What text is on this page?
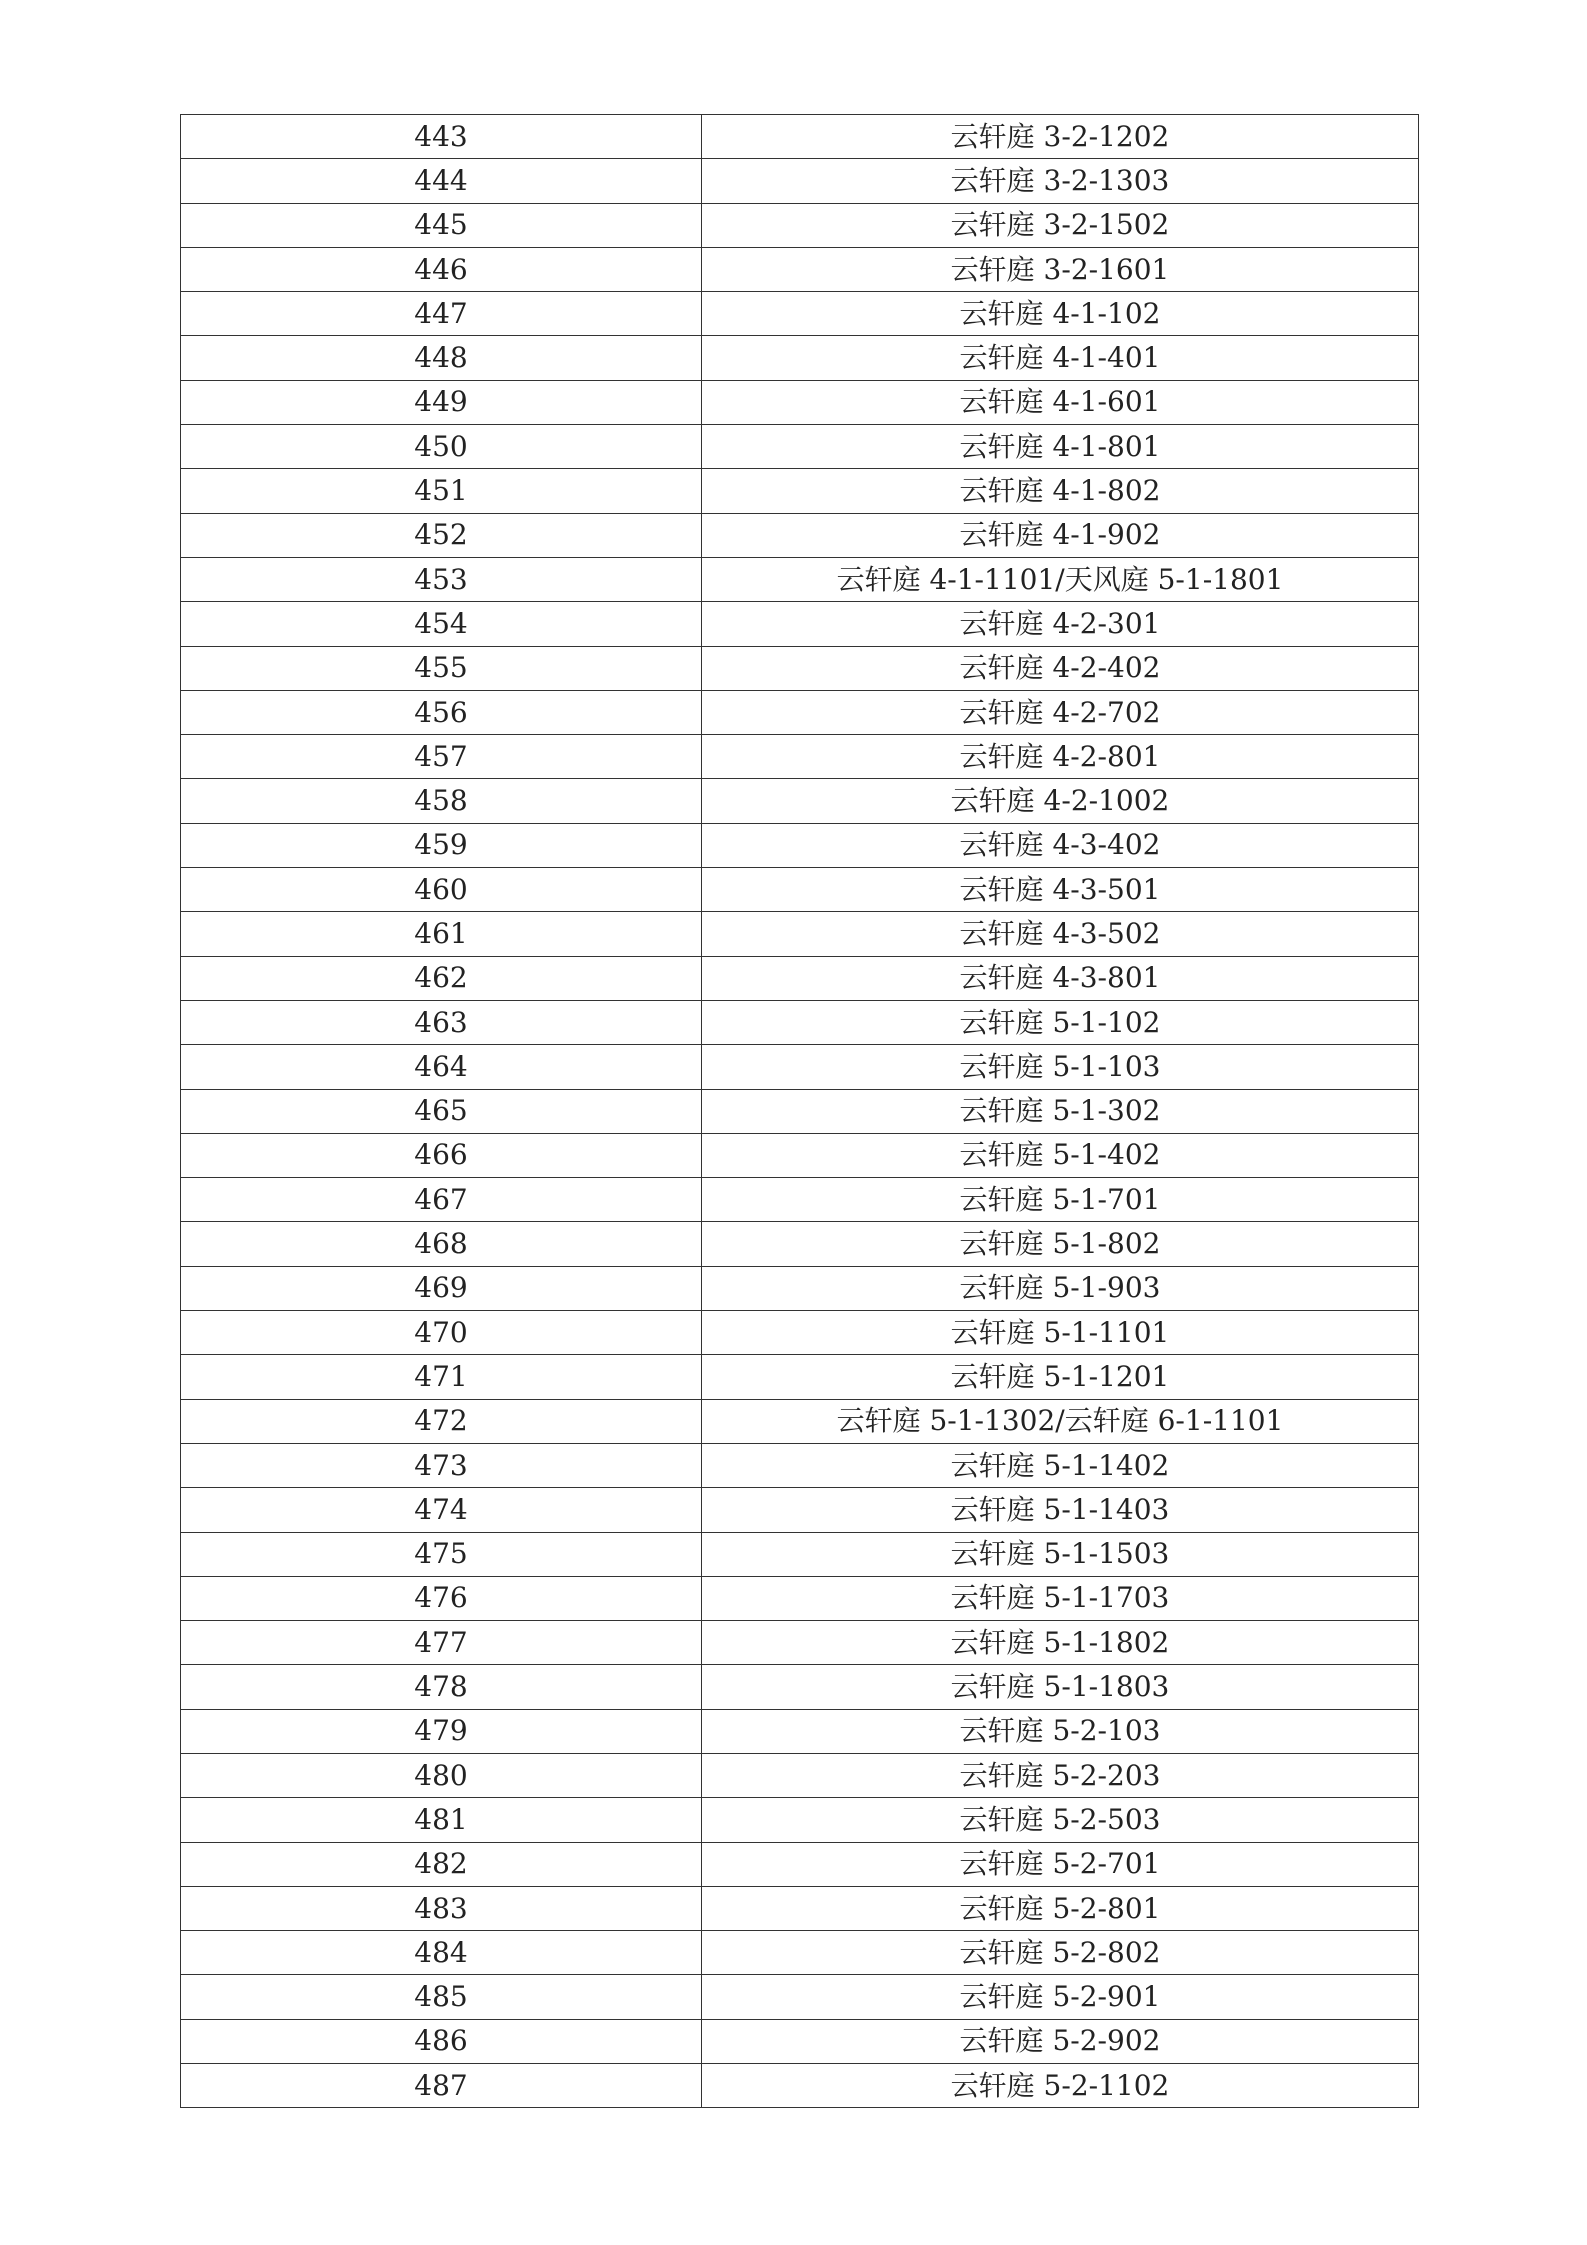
443	云轩庭 3-2-1202
444	云轩庭 3-2-1303
445	云轩庭 3-2-1502
446	云轩庭 3-2-1601
447	云轩庭 4-1-102
448	云轩庭 4-1-401
449	云轩庭 4-1-601
450	云轩庭 4-1-801
451	云轩庭 4-1-802
452	云轩庭 4-1-902
453	云轩庭 4-1-1101/天风庭 5-1-1801
454	云轩庭 4-2-301
455	云轩庭 4-2-402
456	云轩庭 4-2-702
457	云轩庭 4-2-801
458	云轩庭 4-2-1002
459	云轩庭 4-3-402
460	云轩庭 4-3-501
461	云轩庭 4-3-502
462	云轩庭 4-3-801
463	云轩庭 5-1-102
464	云轩庭 5-1-103
465	云轩庭 5-1-302
466	云轩庭 5-1-402
467	云轩庭 5-1-701
468	云轩庭 5-1-802
469	云轩庭 5-1-903
470	云轩庭 5-1-1101
471	云轩庭 5-1-1201
472	云轩庭 5-1-1302/云轩庭 6-1-1101
473	云轩庭 5-1-1402
474	云轩庭 5-1-1403
475	云轩庭 5-1-1503
476	云轩庭 5-1-1703
477	云轩庭 5-1-1802
478	云轩庭 5-1-1803
479	云轩庭 5-2-103
480	云轩庭 5-2-203
481	云轩庭 5-2-503
482	云轩庭 5-2-701
483	云轩庭 5-2-801
484	云轩庭 5-2-802
485	云轩庭 5-2-901
486	云轩庭 5-2-902
487	云轩庭 5-2-1102
